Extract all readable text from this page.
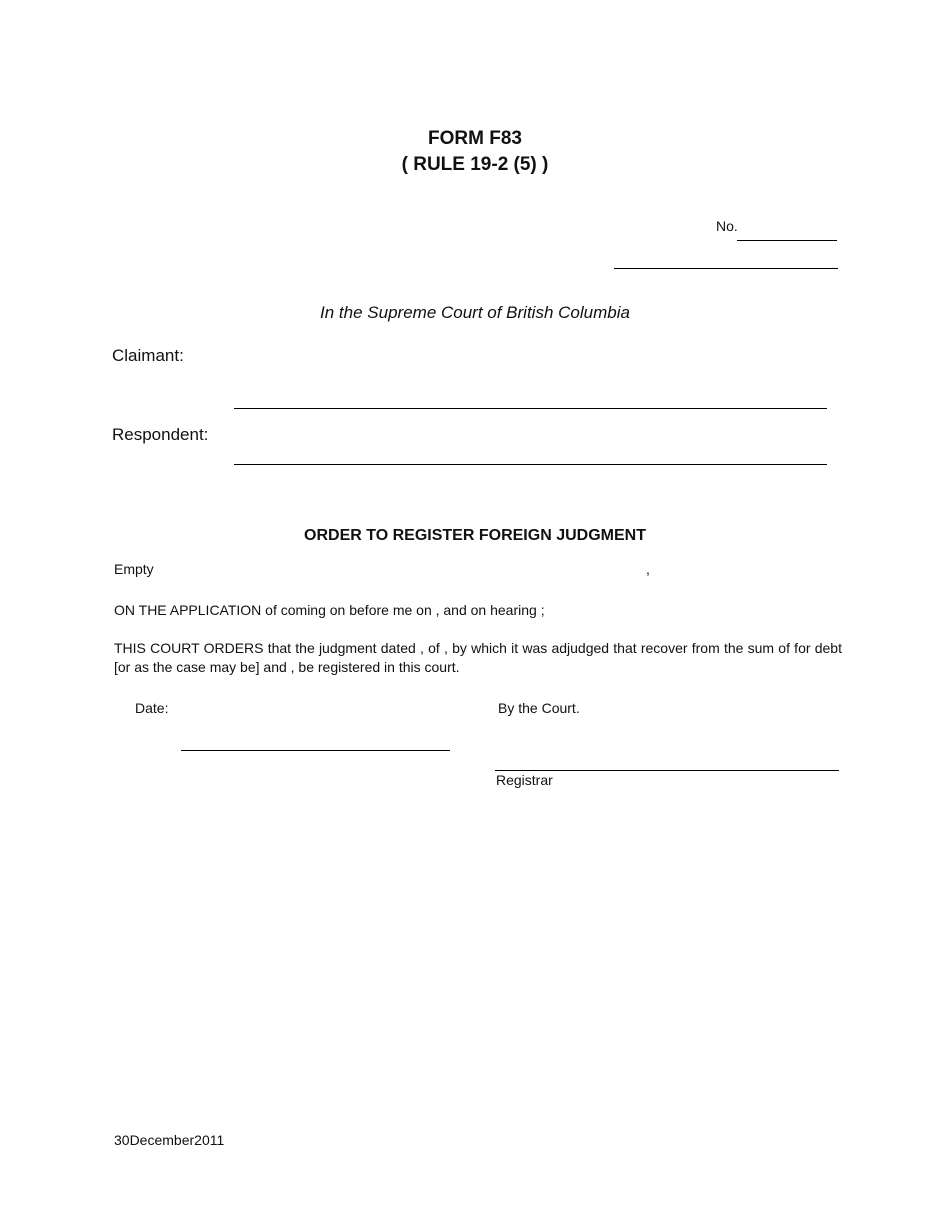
FORM F83
( RULE 19-2 (5) )
No.
In the Supreme Court of British Columbia
Claimant:
Respondent:
ORDER TO REGISTER FOREIGN JUDGMENT
Empty	,
ON THE APPLICATION of coming on before me on , and on hearing ;
THIS COURT ORDERS that the judgment dated , of , by which it was adjudged that recover from the sum of for debt [or as the case may be] and , be registered in this court.
Date:	By the Court.
Registrar
30December2011
